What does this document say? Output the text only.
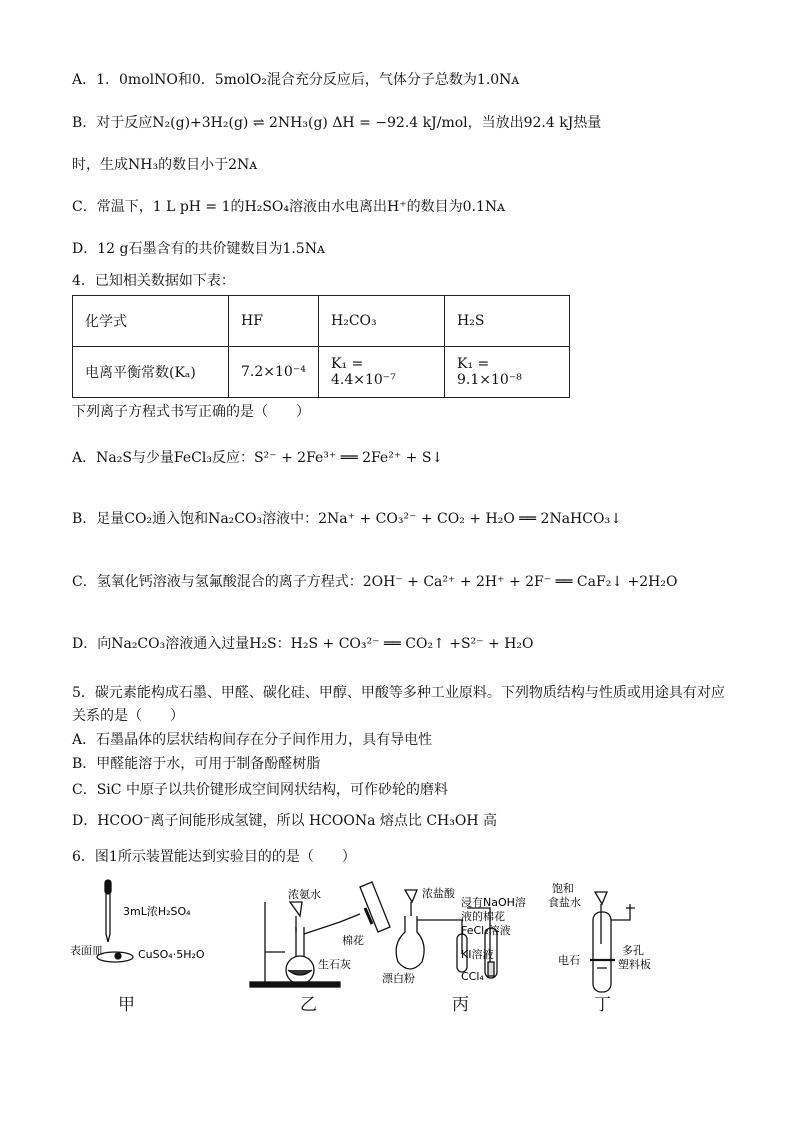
A．1．0molNO和0．5molO₂混合充分反应后，气体分子总数为1.0Nᴀ
B．对于反应N₂(g)+3H₂(g) ⇌ 2NH₃(g) ΔH = −92.4 kJ/mol，当放出92.4 kJ热量
时，生成NH₃的数目小于2Nᴀ
C．常温下，1 L pH = 1的H₂SO₄溶液由水电离出H⁺的数目为0.1Nᴀ
D．12 g石墨含有的共价键数目为1.5Nᴀ
4．已知相关数据如下表：
化学式	HF	H₂CO₃	H₂S
电离平衡常数(Kₐ)	7.2×10⁻⁴	K₁ = 4.4×10⁻⁷	K₁ = 9.1×10⁻⁸
下列离子方程式书写正确的是（　　）
A．Na₂S与少量FeCl₃反应：S²⁻ + 2Fe³⁺ ══ 2Fe²⁺ + S↓
B．足量CO₂通入饱和Na₂CO₃溶液中：2Na⁺ + CO₃²⁻ + CO₂ + H₂O ══ 2NaHCO₃↓
C．氢氧化钙溶液与氢氟酸混合的离子方程式：2OH⁻ + Ca²⁺ + 2H⁺ + 2F⁻ ══ CaF₂↓ +2H₂O
D．向Na₂CO₃溶液通入过量H₂S：H₂S + CO₃²⁻ ══ CO₂↑ +S²⁻ + H₂O
5．碳元素能构成石墨、甲醛、碳化硅、甲醇、甲酸等多种工业原料。下列物质结构与性质或用途具有对应
关系的是（　　）
A．石墨晶体的层状结构间存在分子间作用力，具有导电性
B．甲醛能溶于水，可用于制备酚醛树脂
C．SiC 中原子以共价键形成空间网状结构，可作砂轮的磨料
D．HCOO⁻离子间能形成氢键，所以 HCOONa 熔点比 CH₃OH 高
6．图1所示装置能达到实验目的的是（　　）
3mL浓H₂SO₄
表面皿	CuSO₄·5H₂O
浓氨水
棉花
生石灰
浓盐酸
浸有NaOH溶
液的棉花
FeCl₂溶液
漂白粉
KI溶液
CCl₄
饱和
食盐水
电石
多孔
塑料板
甲	乙	丙	丁
